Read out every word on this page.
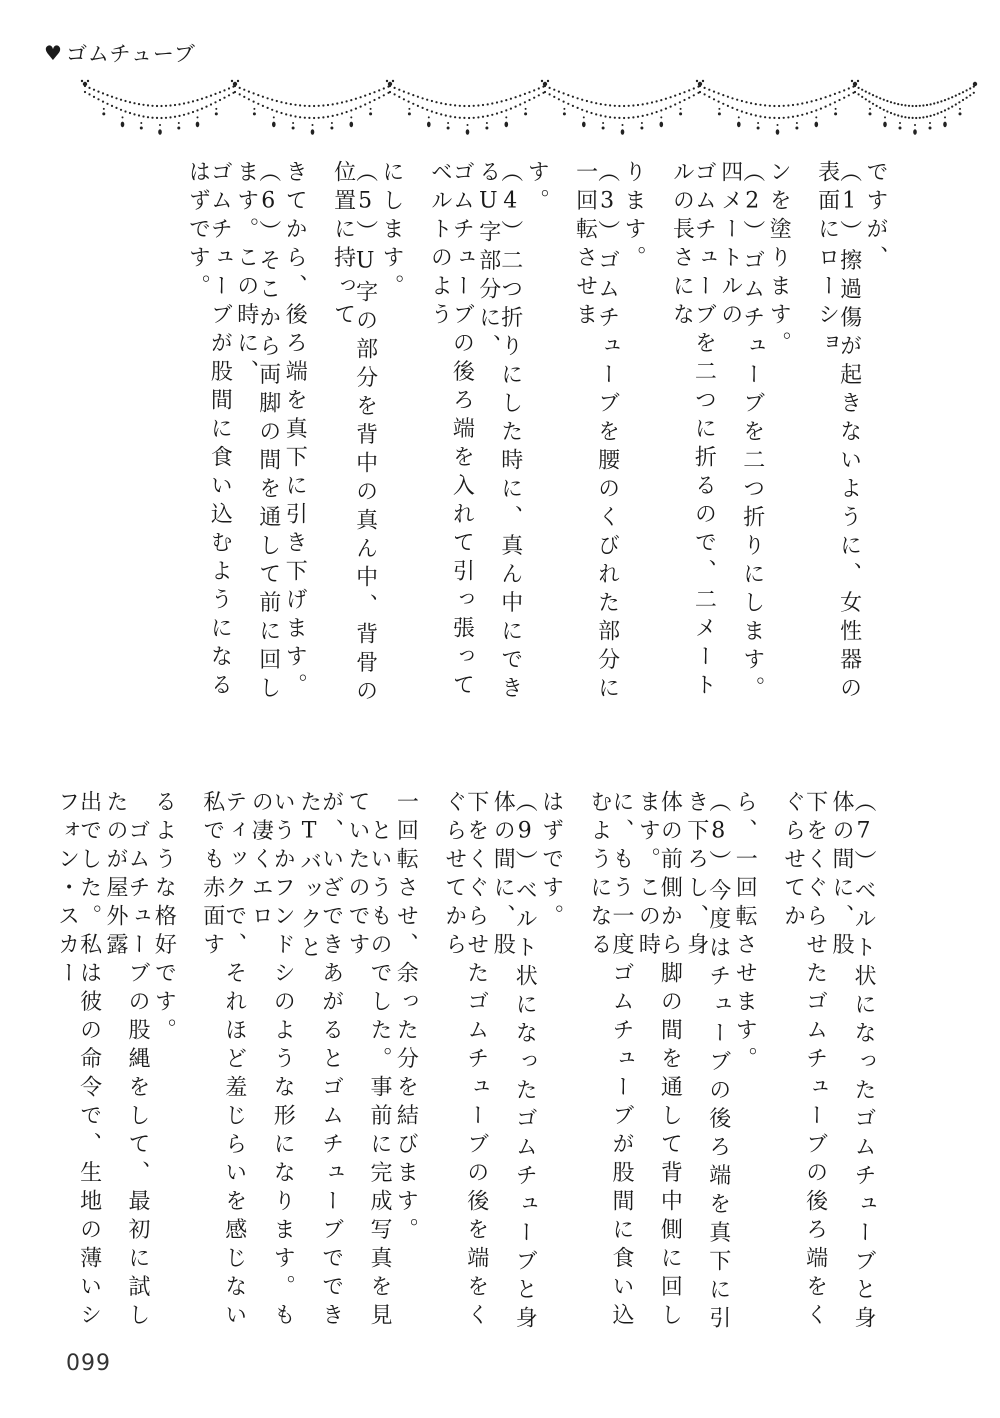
♥ ゴムチューブ
ですが、
（1）擦過傷が起きないように、女性器の表面にローショ
ンを塗ります。
（2）ゴムチューブを二つ折りにします。四メートルの
ゴムチューブを二つに折るので、二メートルの長さにな
ります。
（3）ゴムチューブを腰のくびれた部分に一回転させま
す。
（4）二つ折りにした時に、真ん中にできるU字部分に、
ゴムチューブの後ろ端を入れて引っ張ってベルトのよう
にします。
（5）U字の部分を背中の真ん中、背骨の位置に持って
きてから、後ろ端を真下に引き下げます。
（6）そこから両脚の間を通して前に回します。この時に、
ゴムチューブが股間に食い込むようになるはずです。
（7）ベルト状になったゴムチューブと身体の間に、股
下をくぐらせたゴムチューブの後ろ端をくぐらせてか
ら、一回転させます。
（8）今度はチューブの後ろ端を真下に引き下ろし、身
体の前側から脚の間を通して背中側に回します。この時
に、もう一度ゴムチューブが股間に食い込むようになる
はずです。
（9）ベルト状になったゴムチューブと身体の間に、股
下をくぐらせたゴムチューブの後を端をくぐらせてから
一回転させ、余った分を結びます。
　というものでした。事前に完成写真を見ていたのです
が、いざできあがるとゴムチューブでできたTバックと
いうかフンドシのような形になります。もの凄くエロ
ティックで、それほど羞じらいを感じない私でも赤面す
るような格好です。
　ゴムチューブの股縄をして、最初に試したのが屋外露
出でした。私は彼の命令で、生地の薄いシフォン・スカー
099
